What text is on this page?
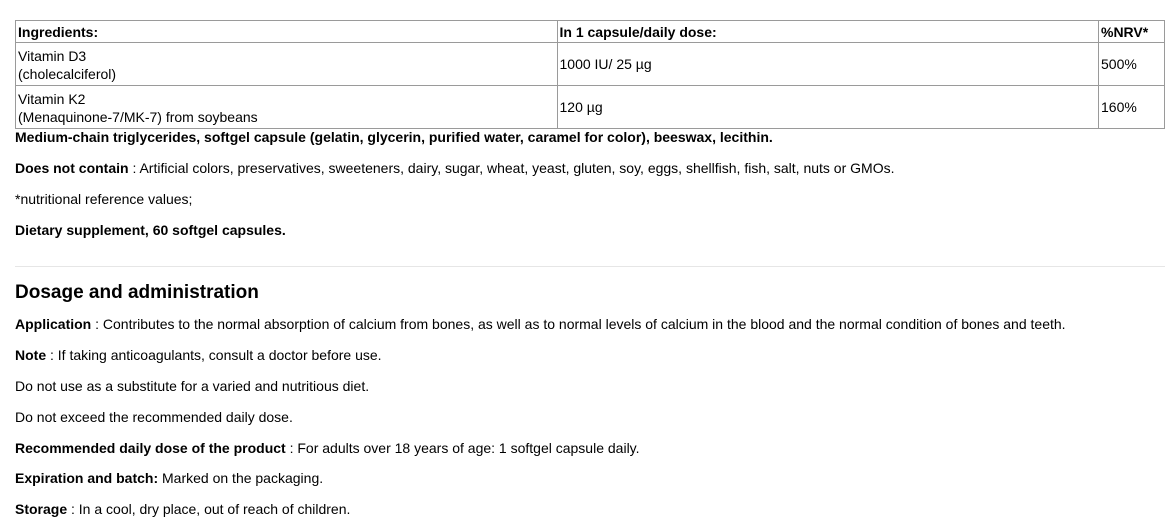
Ingredients:	In 1 capsule/daily dose:	%NRV*

Vitamin D3
(cholecalciferol)	1000 IU/ 25 µg	500%

Vitamin K2
(Menaquinone-7/MK-7) from soybeans	120 µg	160%

Medium-chain triglycerides, softgel capsule (gelatin, glycerin, purified water, caramel for color), beeswax, lecithin.

Does not contain : Artificial colors, preservatives, sweeteners, dairy, sugar, wheat, yeast, gluten, soy, eggs, shellfish, fish, salt, nuts or GMOs.

*nutritional reference values;

Dietary supplement, 60 softgel capsules.

Dosage and administration

Application : Contributes to the normal absorption of calcium from bones, as well as to normal levels of calcium in the blood and the normal condition of bones and teeth.

Note : If taking anticoagulants, consult a doctor before use.

Do not use as a substitute for a varied and nutritious diet.

Do not exceed the recommended daily dose.

Recommended daily dose of the product : For adults over 18 years of age: 1 softgel capsule daily.

Expiration and batch: Marked on the packaging.

Storage : In a cool, dry place, out of reach of children.
